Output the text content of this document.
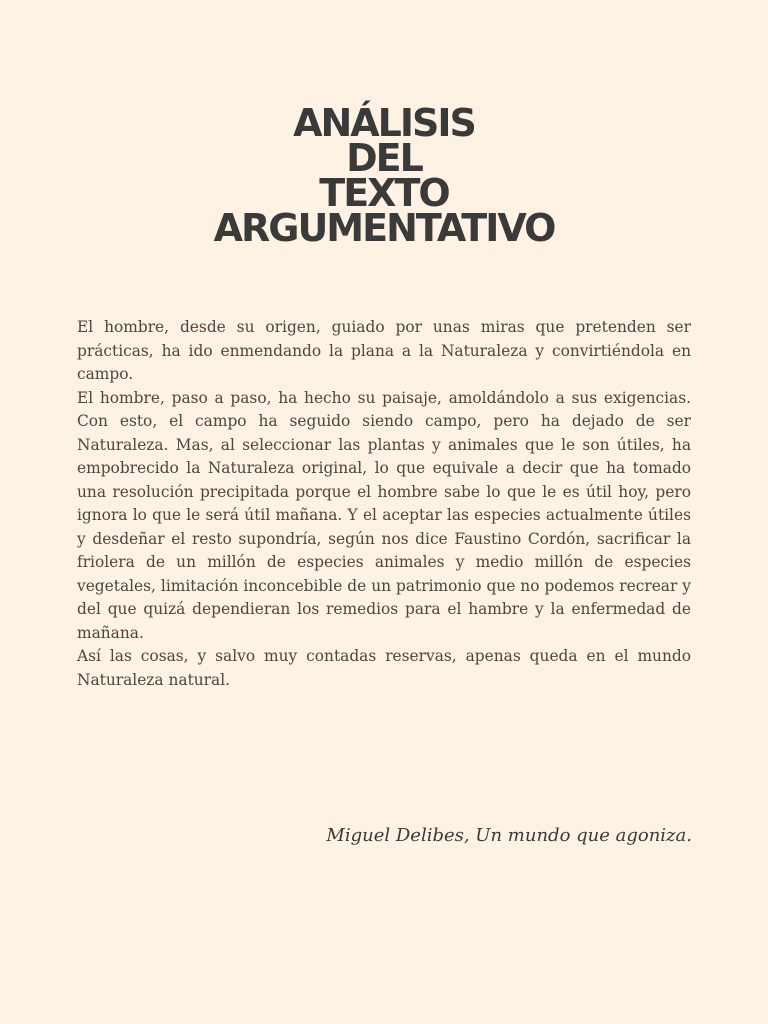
ANÁLISIS
DEL
TEXTO
ARGUMENTATIVO

El hombre, desde su origen, guiado por unas miras que pretenden ser prácticas, ha ido enmendando la plana a la Naturaleza y convirtiéndola en campo.

El hombre, paso a paso, ha hecho su paisaje, amoldándolo a sus exigencias. Con esto, el campo ha seguido siendo campo, pero ha dejado de ser Naturaleza. Mas, al seleccionar las plantas y animales que le son útiles, ha empobrecido la Naturaleza original, lo que equivale a decir que ha tomado una resolución precipitada porque el hombre sabe lo que le es útil hoy, pero ignora lo que le será útil mañana. Y el aceptar las especies actualmente útiles y desdeñar el resto supondría, según nos dice Faustino Cordón, sacrificar la friolera de un millón de especies animales y medio millón de especies vegetales, limitación inconcebible de un patrimonio que no podemos recrear y del que quizá dependieran los remedios para el hambre y la enfermedad de mañana.

Así las cosas, y salvo muy contadas reservas, apenas queda en el mundo Naturaleza natural.

Miguel Delibes, Un mundo que agoniza.
